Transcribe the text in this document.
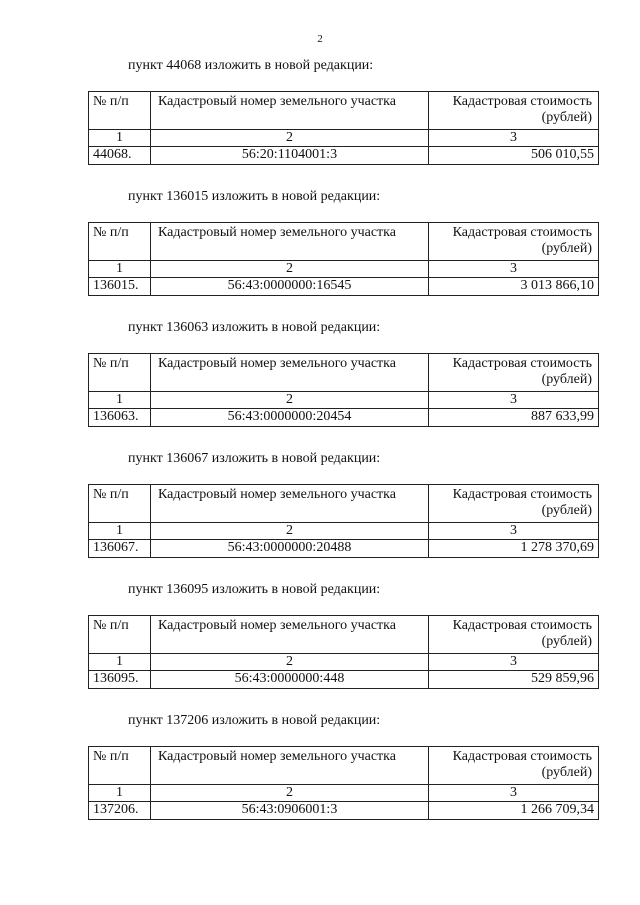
2
пункт 44068 изложить в новой редакции:
№ п/п	Кадастровый номер земельного участка	Кадастровая стоимость (рублей)
1	2	3
44068.	56:20:1104001:3	506 010,55
пункт 136015 изложить в новой редакции:
№ п/п	Кадастровый номер земельного участка	Кадастровая стоимость (рублей)
1	2	3
136015.	56:43:0000000:16545	3 013 866,10
пункт 136063 изложить в новой редакции:
№ п/п	Кадастровый номер земельного участка	Кадастровая стоимость (рублей)
1	2	3
136063.	56:43:0000000:20454	887 633,99
пункт 136067 изложить в новой редакции:
№ п/п	Кадастровый номер земельного участка	Кадастровая стоимость (рублей)
1	2	3
136067.	56:43:0000000:20488	1 278 370,69
пункт 136095 изложить в новой редакции:
№ п/п	Кадастровый номер земельного участка	Кадастровая стоимость (рублей)
1	2	3
136095.	56:43:0000000:448	529 859,96
пункт 137206 изложить в новой редакции:
№ п/п	Кадастровый номер земельного участка	Кадастровая стоимость (рублей)
1	2	3
137206.	56:43:0906001:3	1 266 709,34
